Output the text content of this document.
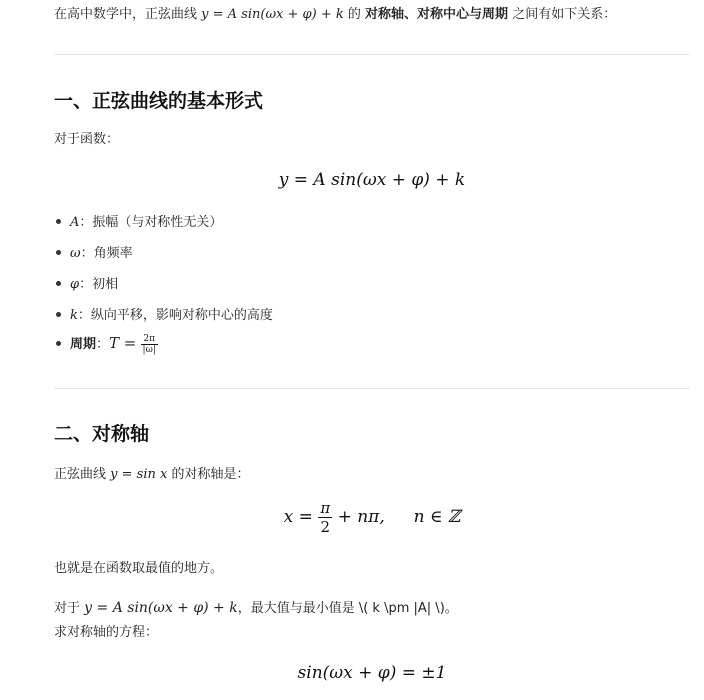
在高中数学中，正弦曲线 y = A sin(ωx + φ) + k 的 对称轴、对称中心与周期 之间有如下关系：
一、正弦曲线的基本形式
对于函数：
y = A sin(ωx + φ) + k
A：振幅（与对称性无关）
ω：角频率
φ：初相
k：纵向平移，影响对称中心的高度
周期：$T = \frac{2\pi}{|\omega|}$
二、对称轴
正弦曲线 y = sin x 的对称轴是：
$x = \frac{\pi}{2} + n\pi$, n ∈ ℤ
也就是在函数取最值的地方。
对于 y = A sin(ωx + φ) + k，最大值与最小值是 \( k \pm |A| \)。
求对称轴的方程：
sin(ωx + φ) = ±1
